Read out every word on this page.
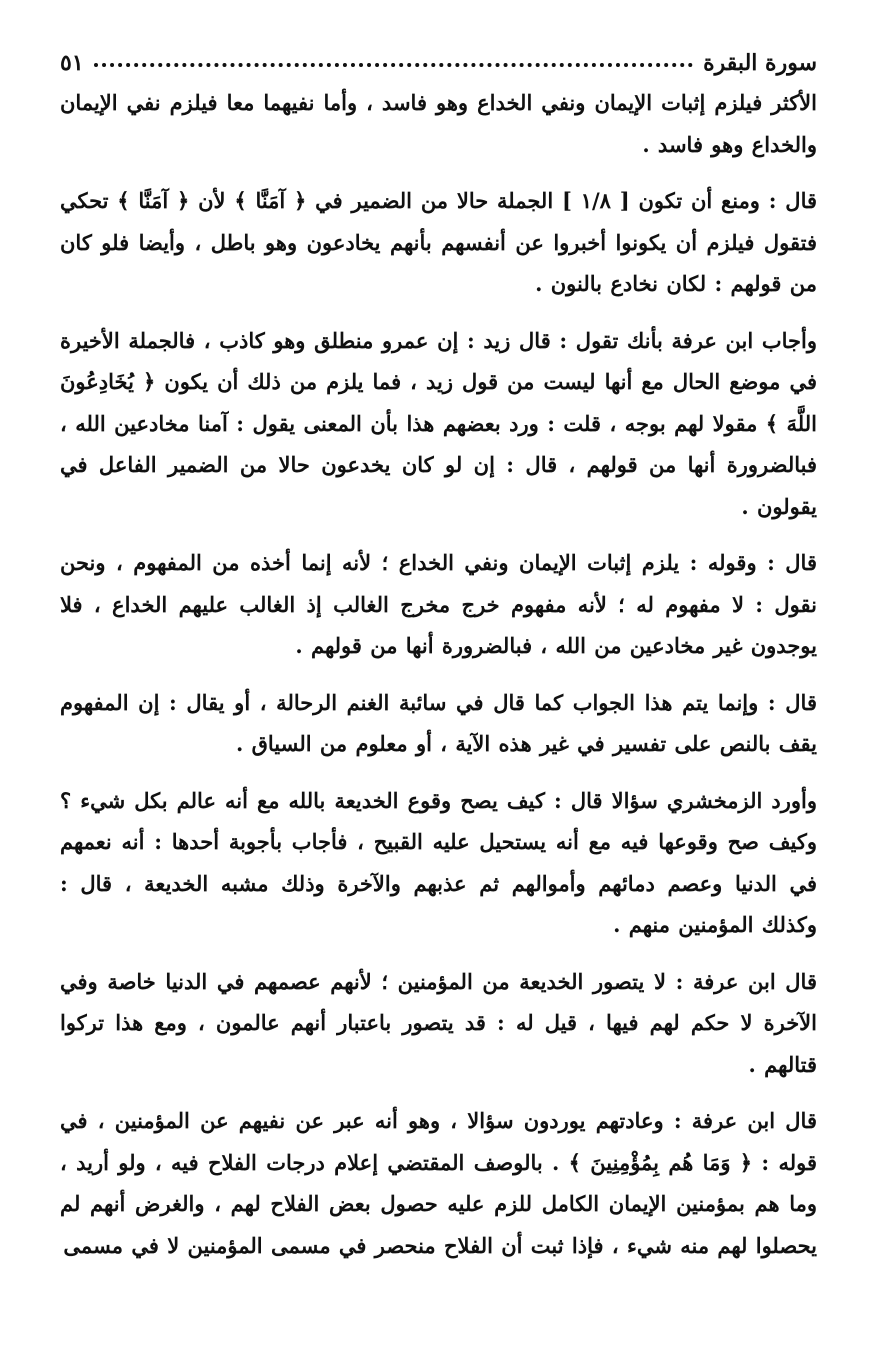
سورة البقرة
٥١

الأكثر فيلزم إثبات الإيمان ونفي الخداع وهو فاسد ، وأما نفيهما معا فيلزم نفي الإيمان والخداع وهو فاسد .

قال : ومنع أن تكون [ ١/٨ ] الجملة حالا من الضمير في ﴿ آمَنَّا ﴾ لأن ﴿ آمَنَّا ﴾ تحكي فتقول فيلزم أن يكونوا أخبروا عن أنفسهم بأنهم يخادعون وهو باطل ، وأيضا فلو كان من قولهم : لكان نخادع بالنون .

وأجاب ابن عرفة بأنك تقول : قال زيد : إن عمرو منطلق وهو كاذب ، فالجملة الأخيرة في موضع الحال مع أنها ليست من قول زيد ، فما يلزم من ذلك أن يكون ﴿ يُخَادِعُونَ اللَّهَ ﴾ مقولا لهم بوجه ، قلت : ورد بعضهم هذا بأن المعنى يقول : آمنا مخادعين الله ، فبالضرورة أنها من قولهم ، قال : إن لو كان يخدعون حالا من الضمير الفاعل في يقولون .

قال : وقوله : يلزم إثبات الإيمان ونفي الخداع ؛ لأنه إنما أخذه من المفهوم ، ونحن نقول : لا مفهوم له ؛ لأنه مفهوم خرج مخرج الغالب إذ الغالب عليهم الخداع ، فلا يوجدون غير مخادعين من الله ، فبالضرورة أنها من قولهم .

قال : وإنما يتم هذا الجواب كما قال في سائبة الغنم الرحالة ، أو يقال : إن المفهوم يقف بالنص على تفسير في غير هذه الآية ، أو معلوم من السياق .

وأورد الزمخشري سؤالا قال : كيف يصح وقوع الخديعة بالله مع أنه عالم بكل شيء ؟ وكيف صح وقوعها فيه مع أنه يستحيل عليه القبيح ، فأجاب بأجوبة أحدها : أنه نعمهم في الدنيا وعصم دمائهم وأموالهم ثم عذبهم والآخرة وذلك مشبه الخديعة ، قال : وكذلك المؤمنين منهم .

قال ابن عرفة : لا يتصور الخديعة من المؤمنين ؛ لأنهم عصمهم في الدنيا خاصة وفي الآخرة لا حكم لهم فيها ، قيل له : قد يتصور باعتبار أنهم عالمون ، ومع هذا تركوا قتالهم .

قال ابن عرفة : وعادتهم يوردون سؤالا ، وهو أنه عبر عن نفيهم عن المؤمنين ، في قوله : ﴿ وَمَا هُم بِمُؤْمِنِينَ ﴾ . بالوصف المقتضي إعلام درجات الفلاح فيه ، ولو أريد ، وما هم بمؤمنين الإيمان الكامل للزم عليه حصول بعض الفلاح لهم ، والغرض أنهم لم يحصلوا لهم منه شيء ، فإذا ثبت أن الفلاح منحصر في مسمى المؤمنين لا في مسمى
